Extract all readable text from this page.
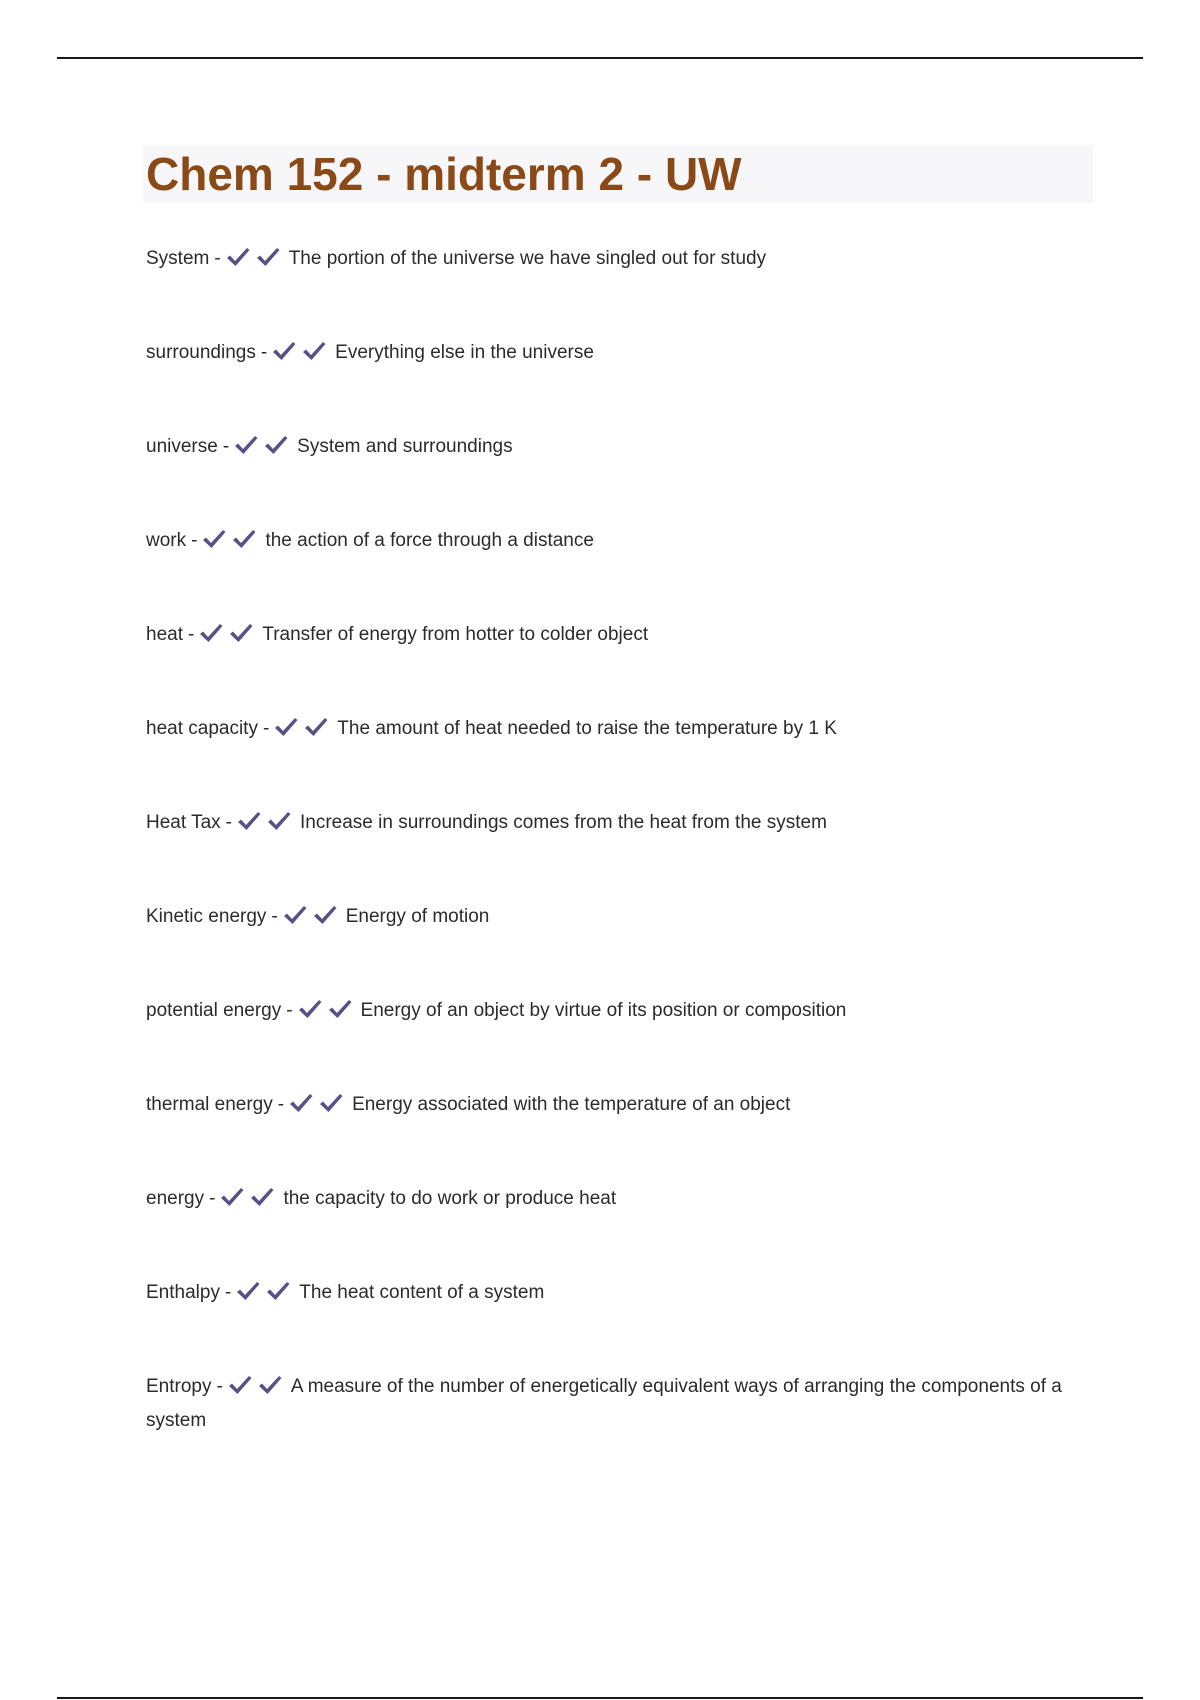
Chem 152 - midterm 2 - UW
System -	The portion of the universe we have singled out for study
surroundings -	Everything else in the universe
universe -	System and surroundings
work -	the action of a force through a distance
heat -	Transfer of energy from hotter to colder object
heat capacity -	The amount of heat needed to raise the temperature by 1 K
Heat Tax -	Increase in surroundings comes from the heat from the system
Kinetic energy -	Energy of motion
potential energy -	Energy of an object by virtue of its position or composition
thermal energy -	Energy associated with the temperature of an object
energy -	the capacity to do work or produce heat
Enthalpy -	The heat content of a system
Entropy -	A measure of the number of energetically equivalent ways of arranging the components of a system
